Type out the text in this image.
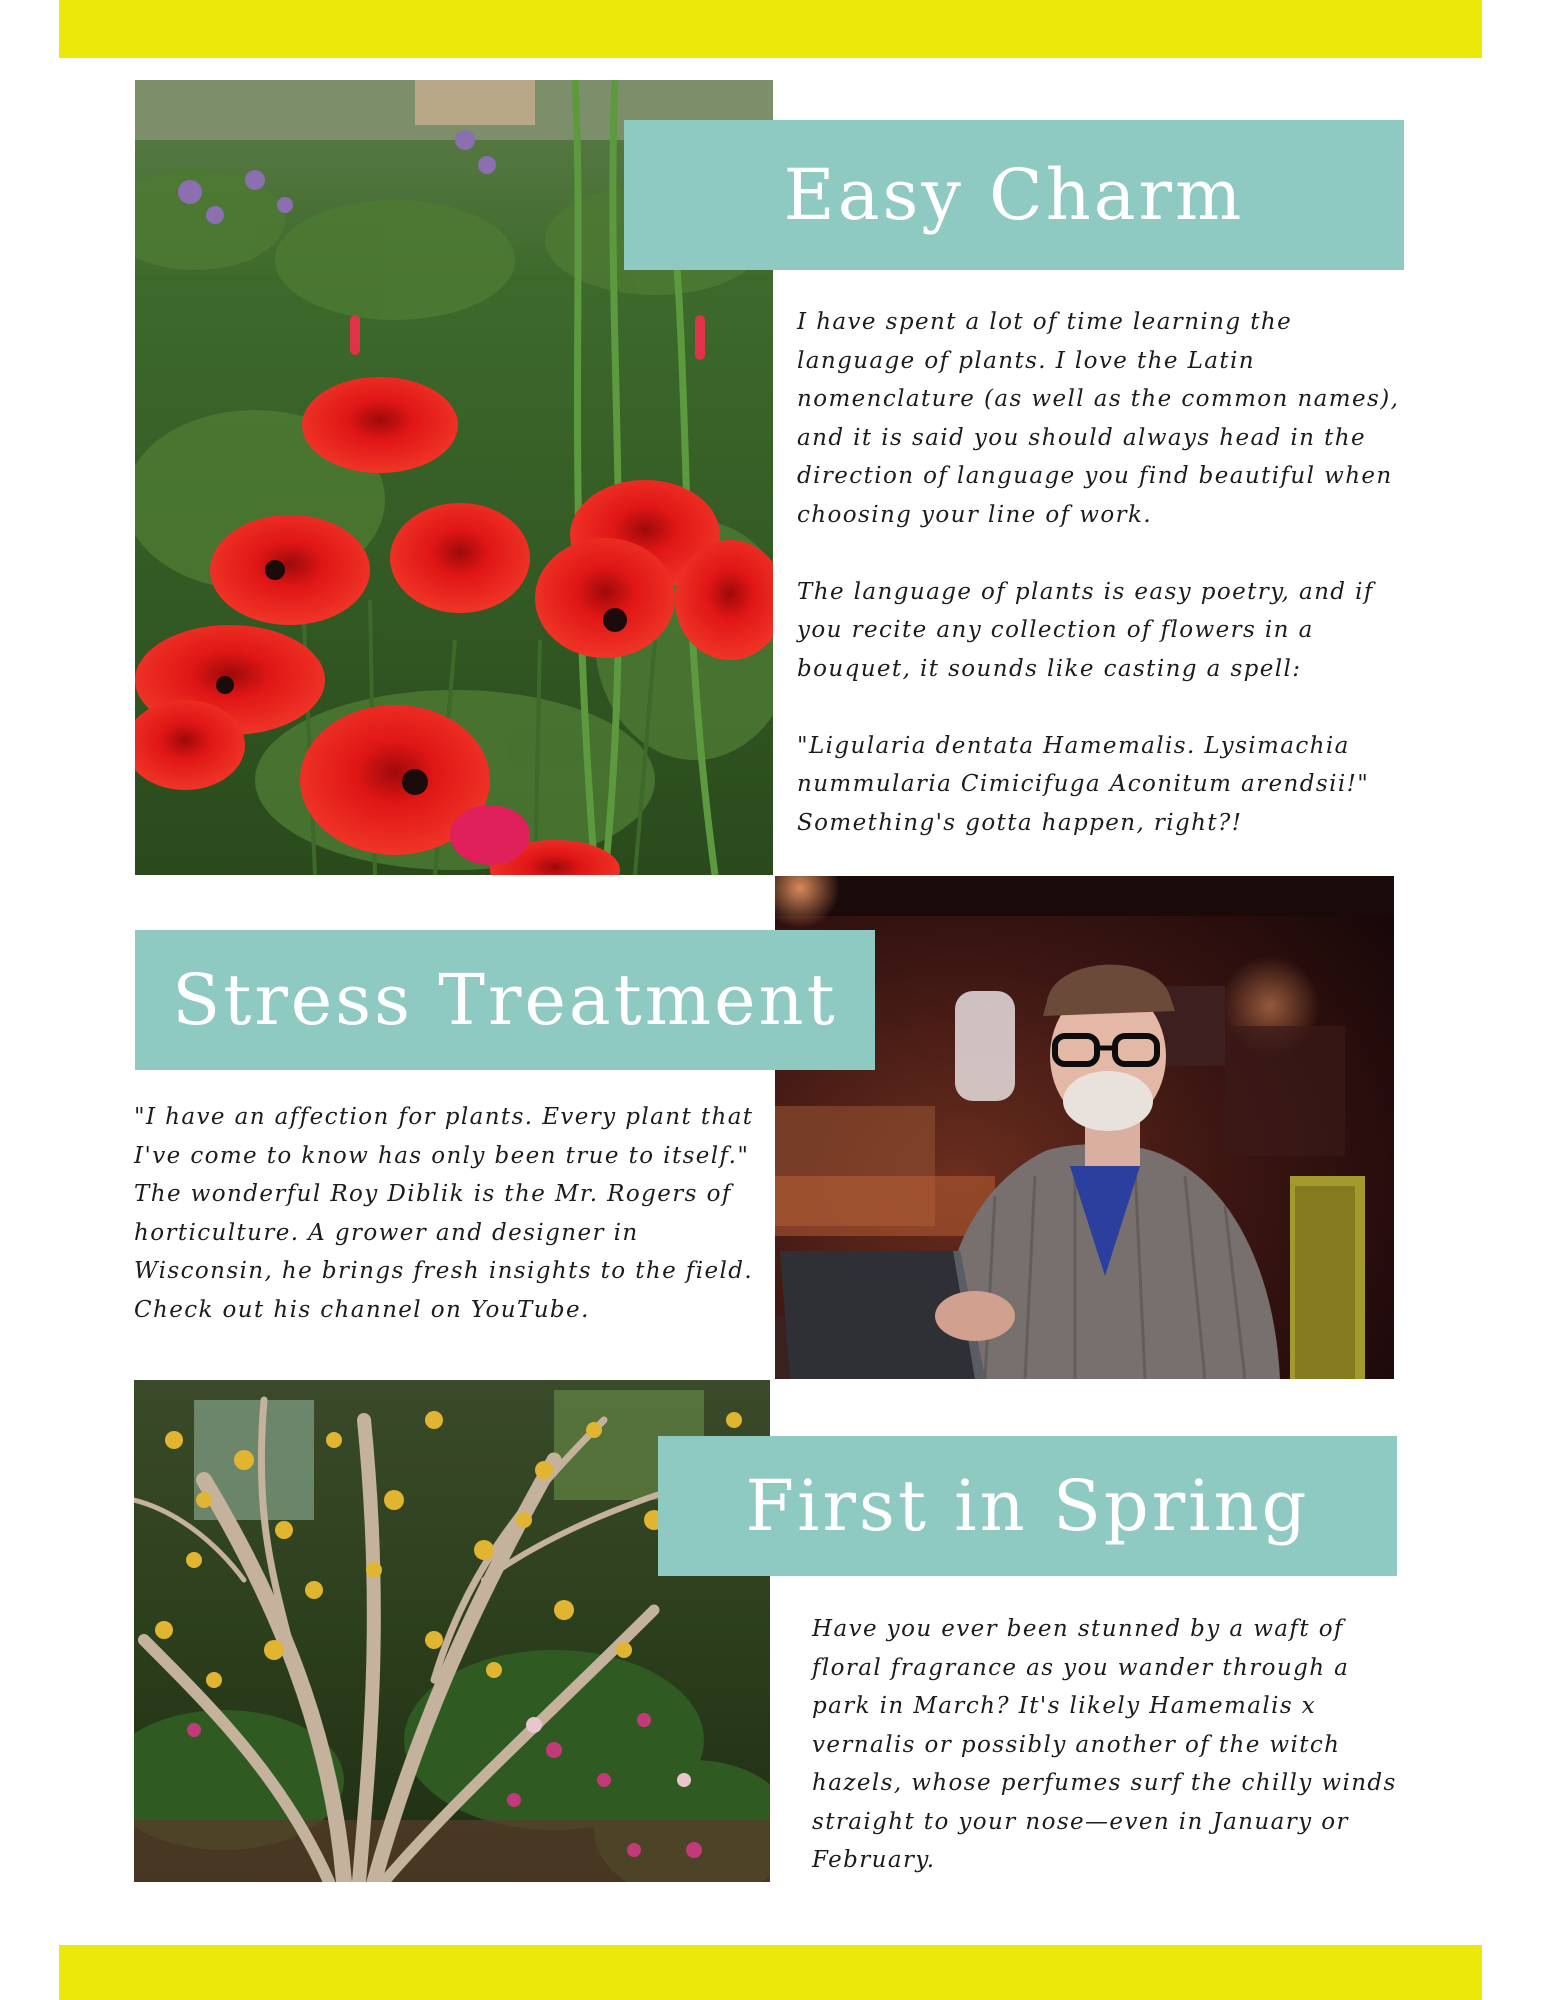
Easy Charm

I have spent a lot of time learning the language of plants. I love the Latin nomenclature (as well as the common names), and it is said you should always head in the direction of language you find beautiful when choosing your line of work.

The language of plants is easy poetry, and if you recite any collection of flowers in a bouquet, it sounds like casting a spell:

"Ligularia dentata Hamemalis. Lysimachia nummularia Cimicifuga Aconitum arendsii!" Something's gotta happen, right?!

Stress Treatment

"I have an affection for plants. Every plant that I've come to know has only been true to itself." The wonderful Roy Diblik is the Mr. Rogers of horticulture. A grower and designer in Wisconsin, he brings fresh insights to the field. Check out his channel on YouTube.

First in Spring

Have you ever been stunned by a waft of floral fragrance as you wander through a park in March? It's likely Hamemalis x vernalis or possibly another of the witch hazels, whose perfumes surf the chilly winds straight to your nose—even in January or February.
